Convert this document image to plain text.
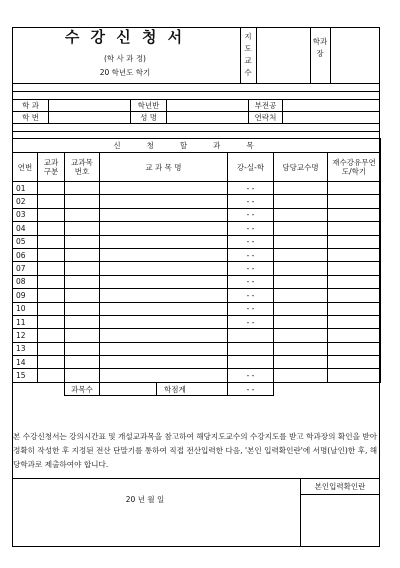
수 강 신 청 서
(학 사 과 정)
20 학년도 학기
지도교수
학과장
학 과	학년반	부전공
학 번	성 명	연락처
신청할과목						
연번	교과구분	교과목번호	교 과 목 명	강-실-학	담당교수명	재수강유무연도/학기
01				- -		
02				- -		
03				- -		
04				- -		
05				- -		
06				- -		
07				- -		
08				- -		
09				- -		
10				- -		
11				- -		
12						
13						
14						
15				- -		
		과목수	학점계	- -		
본 수강신청서는 강의시간표 및 개설교과목을 참고하여 해당지도교수의 수강지도를 받고 학과장의 확인을 받아 정확히 작성한 후 지정된 전산 단말기를 통하여 직접 전산입력한 다음, '본인 입력확인란'에 서명(날인)한 후, 해당학과로 제출하여야 합니다.
20 년 월 일
본인입력확인란
